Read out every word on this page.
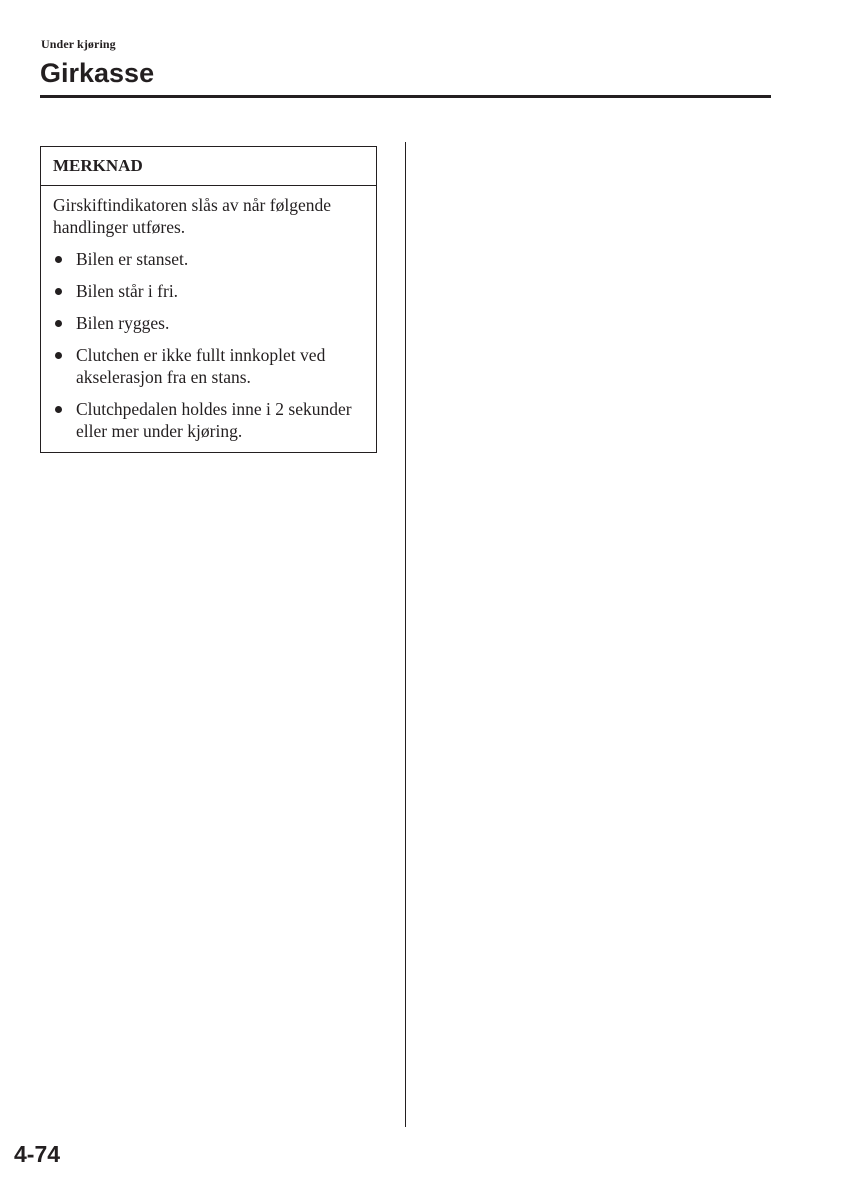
Under kjøring
Girkasse
MERKNAD

Girskiftindikatoren slås av når følgende handlinger utføres.

Bilen er stanset.
Bilen står i fri.
Bilen rygges.
Clutchen er ikke fullt innkoplet ved akselerasjon fra en stans.
Clutchpedalen holdes inne i 2 sekunder eller mer under kjøring.
4-74
